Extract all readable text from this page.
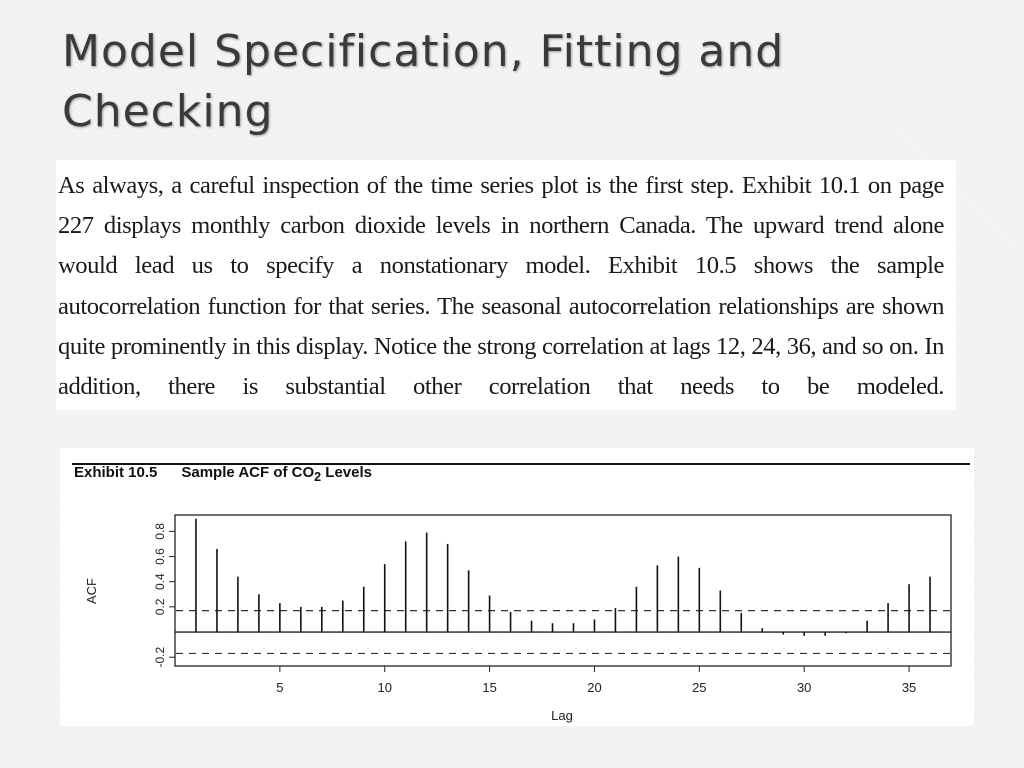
Model Specification, Fitting and Checking

As always, a careful inspection of the time series plot is the first step. Exhibit 10.1 on page 227 displays monthly carbon dioxide levels in northern Canada. The upward trend alone would lead us to specify a nonstationary model. Exhibit 10.5 shows the sample autocorrelation function for that series. The seasonal autocorrelation relationships are shown quite prominently in this display. Notice the strong correlation at lags 12, 24, 36, and so on. In addition, there is substantial other correlation that needs to be modeled.

Exhibit 10.5 Sample ACF of $CO_2$ Levels
5	10	15	20	25	30	35
-0.2
0.2
0.4
0.6
0.8
Lag
ACF
